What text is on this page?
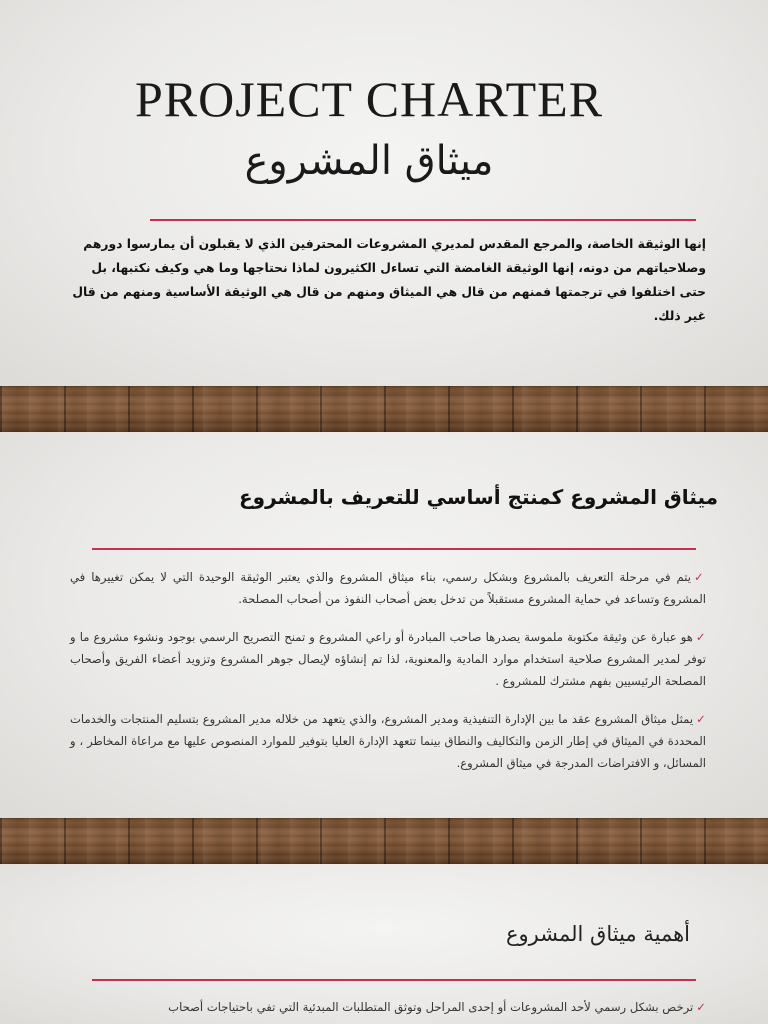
PROJECT CHARTER
ميثاق المشروع

إنها الوثيقة الخاصة، والمرجع المقدس لمديري المشروعات المحترفين الذي لا يقبلون أن يمارسوا دورهم وصلاحياتهم من دونه، إنها الوثيقة الغامضة التي تساءل الكثيرون لماذا نحتاجها وما هي وكيف نكتبها، بل حتى اختلفوا في ترجمتها فمنهم من قال هي الميثاق ومنهم من قال هي الوثيقة الأساسية ومنهم من قال غير ذلك.

ميثاق المشروع كمنتج أساسي للتعريف بالمشروع
✓يتم في مرحلة التعريف بالمشروع وبشكل رسمي، بناء ميثاق المشروع والذي يعتبر الوثيقة الوحيدة التي لا يمكن تغييرها في المشروع وتساعد في حماية المشروع مستقبلاً من تدخل بعض أصحاب النفوذ من أصحاب المصلحة.
✓هو عبارة عن وثيقة مكتوبة ملموسة يصدرها صاحب المبادرة أو راعي المشروع و تمنح التصريح الرسمي بوجود ونشوء مشروع ما و توفر لمدير المشروع صلاحية استخدام موارد المادية والمعنوية، لذا تم إنشاؤه لإيصال جوهر المشروع وتزويد أعضاء الفريق وأصحاب المصلحة الرئيسيين بفهم مشترك للمشروع .
✓يمثل ميثاق المشروع عقد ما بين الإدارة التنفيذية ومدير المشروع، والذي يتعهد من خلاله مدير المشروع بتسليم المنتجات والخدمات المحددة في الميثاق في إطار الزمن والتكاليف والنطاق بينما تتعهد الإدارة العليا بتوفير للموارد المنصوص عليها مع مراعاة المخاطر ، و المسائل، و الافتراضات المدرجة في ميثاق المشروع.
أهمية ميثاق المشروع
✓ترخص بشكل رسمي لأحد المشروعات أو إحدى المراحل وتوثق المتطلبات المبدئية التي تفي باحتياجات أصحاب
